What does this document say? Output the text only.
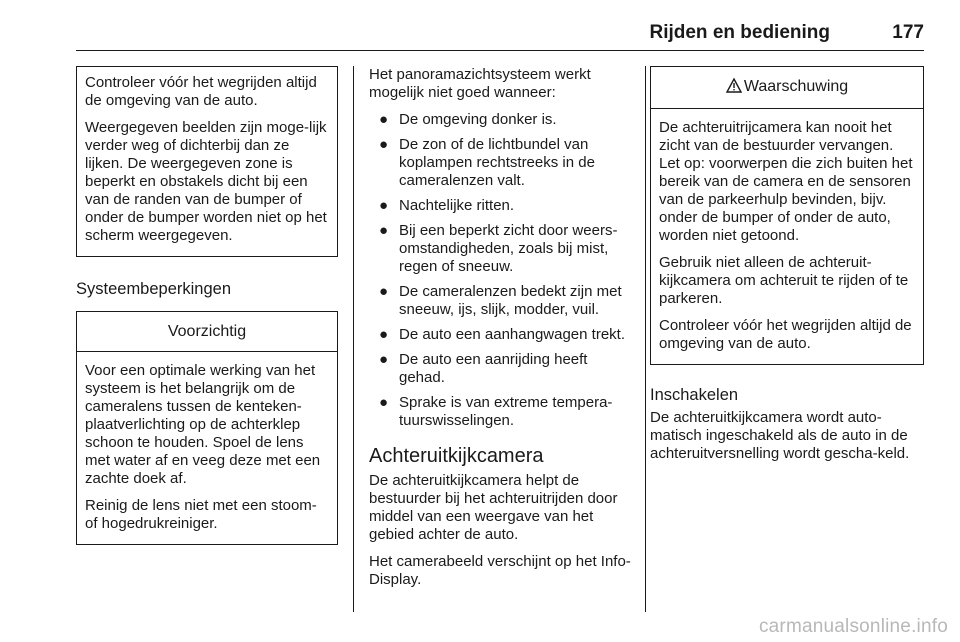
Rijden en bediening	177

Controleer vóór het wegrijden altijd de omgeving van de auto.

Weergegeven beelden zijn moge-lijk verder weg of dichterbij dan ze lijken. De weergegeven zone is beperkt en obstakels dicht bij een van de randen van de bumper of onder de bumper worden niet op het scherm weergegeven.

Systeembeperkingen
Voorzichtig

Voor een optimale werking van het systeem is het belangrijk om de cameralens tussen de kenteken-plaatverlichting op de achterklep schoon te houden. Spoel de lens met water af en veeg deze met een zachte doek af.

Reinig de lens niet met een stoom- of hogedrukreiniger.

Het panoramazichtsysteem werkt mogelijk niet goed wanneer:

● De omgeving donker is.
● De zon of de lichtbundel van koplampen rechtstreeks in de cameralenzen valt.
● Nachtelijke ritten.
● Bij een beperkt zicht door weers-omstandigheden, zoals bij mist, regen of sneeuw.
● De cameralenzen bedekt zijn met sneeuw, ijs, slijk, modder, vuil.
● De auto een aanhangwagen trekt.
● De auto een aanrijding heeft gehad.
● Sprake is van extreme tempera-tuurswisselingen.
Achteruitkijkcamera

De achteruitkijkcamera helpt de bestuurder bij het achteruitrijden door middel van een weergave van het gebied achter de auto.

Het camerabeeld verschijnt op het Info-Display.

Waarschuwing

De achteruitrijcamera kan nooit het zicht van de bestuurder vervangen. Let op: voorwerpen die zich buiten het bereik van de camera en de sensoren van de parkeerhulp bevinden, bijv. onder de bumper of onder de auto, worden niet getoond.

Gebruik niet alleen de achteruit-kijkcamera om achteruit te rijden of te parkeren.

Controleer vóór het wegrijden altijd de omgeving van de auto.

Inschakelen

De achteruitkijkcamera wordt auto-matisch ingeschakeld als de auto in de achteruitversnelling wordt gescha-keld.

carmanualsonline.info
